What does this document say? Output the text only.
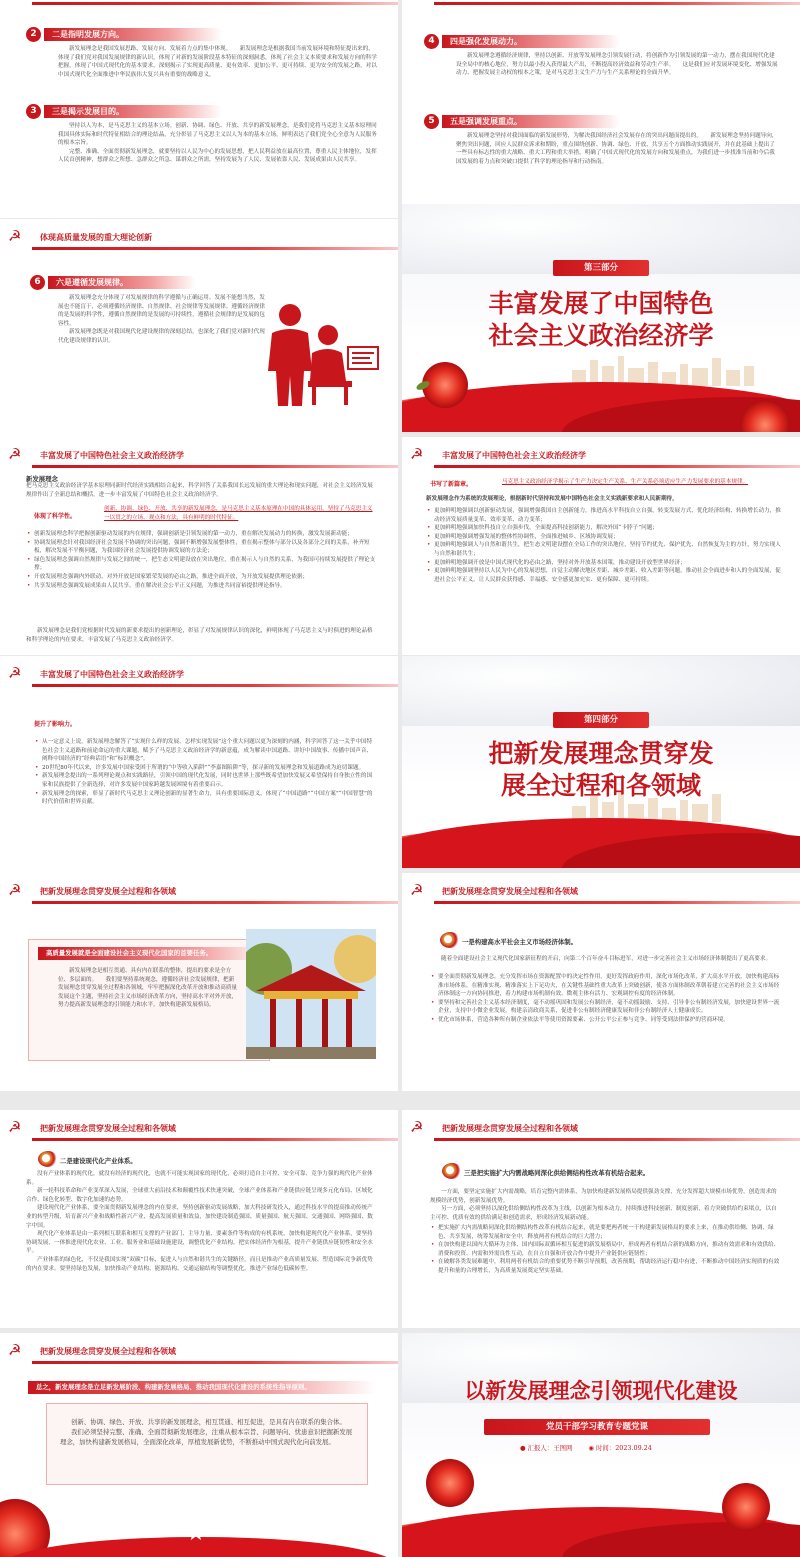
2	二是指明发展方向。

新发展理念是我国发展思路、发展方向、发展着力点的集中体现。　　新发展理念是根据我国当前发展环境和特征提出来的，体现了我们党对我国发展规律的新认识，体现了对新的发展阶段基本特征的深刻洞悉，体现了社会主义本质要求和发展方向的科学把握。体现了中国式现代化的基本要求，深刻揭示了实现更高质量、更有效率、更加公平、更可持续、更为安全的发展之路，对以中国式现代化全面推进中华民族伟大复兴具有重要的战略意义。

3	三是揭示发展目的。

坚持以人为本，是马克思主义的基本立场。创新、协调、绿色、开放、共享的新发展理念，是我们党将马克思主义基本原理同我国具体实际和时代特征相结合的理论结晶，充分彰显了马克思主义以人为本的基本立场，鲜明表达了我们党全心全意为人民服务的根本宗旨。

完整、准确、全面贯彻新发展理念，就要坚持以人民为中心的发展思想，把人民利益放在最高位置，尊重人民主体地位，发挥人民首创精神，想群众之所想、急群众之所急、谋群众之所需，坚持发展为了人民、发展依靠人民、发展成果由人民共享。

4	四是强化发展动力。

新发展理念遵循经济规律，坚持以创新、开放等发展理念引领发展行动，将创新作为引领发展的第一动力，摆在我国现代化建设全局中的核心地位，努力以最小投入获得最大产出，不断提高经济效益和劳动生产率。　　这是我们应对发展环境变化、增强发展动力、把握发展主动权的根本之策，是对马克思主义生产力与生产关系理论的全面升华。

5	五是强调发展重点。

新发展理念坚持对我国面临的新发展形势，为解决我国经济社会发展存在的突出问题而提出的。　　新发展理念坚持问题导向，聚焦突出问题，回应人民群众诉求和期盼，重点围绕创新、协调、绿色、开放、共享五个方面推动实践展开，并在此基础上提出了一些具有标志性的重大战略、重大工程和重大举措，明确了中国式现代化的发展方向和发展重点，为我们进一步找准当前和今后我国发展的着力点和突破口提供了科学的理论指导和行动指南。

☭	体现高质量发展的重大理论创新
6	六是遵循发展规律。

新发展理念充分体现了对发展规律的科学遵循与正确运用。发展不能想当然，发展也不能盲干，必须遵循经济规律、自然规律、社会规律等发展规律。遵循经济规律的是发展的科学性，遵循自然规律的是发展的可持续性，遵循社会规律的是发展的包容性。

新发展理念既是对我国现代化建设规律的深刻总结，也深化了我们党对新时代现代化建设规律的认识。

第三部分
丰富发展了中国特色
社会主义政治经济学
☭	丰富发展了中国特色社会主义政治经济学
新发展理念

把马克思主义政治经济学基本原理同新时代经济实践相结合起来，科学回答了关系我国长远发展的重大理论和现实问题，对社会主义经济发展规律作出了全新总结和概括，进一步丰富发展了中国特色社会主义政治经济学。

体现了科学性。

创新、协调、绿色、开放、共享的新发展理念，是马克思主义基本原理在中国的具体运用，坚持了马克思主义一以贯之的立场、观点和方法，具有鲜明的时代特征。

• 创新发展理念科学把握创新驱动发展的内在规律，强调创新是引领发展的第一动力，重在解决发展动力的转换，激发发展新动能；
• 协调发展理念针对我国经济社会发展不协调的突出问题，强调不断增强发展整体性，重在揭示整体与部分以及各部分之间的关系，补齐短板，解决发展不平衡问题，为我国经济社会发展提供协调发展的方法论；
• 绿色发展理念强调自然规律与发展之间的统一，把生态文明建设放在突出地位，重在揭示人与自然的关系，为我国可持续发展提供了理论支撑；
• 开放发展理念强调内外联动，对外开放是国家繁荣发展的必由之路，推进全面开放，为开放发展提供理论依据；
• 共享发展理念强调发展成果由人民共享，重在解决社会公平正义问题，为推进共同富裕提供理论指导。

新发展理念是我们党根据时代发展的新要求提出的创新理论，彰显了对发展规律认识的深化，鲜明体现了马克思主义与时俱进的理论品格和科学理论的内在要求，丰富发展了马克思主义政治经济学。

☭	丰富发展了中国特色社会主义政治经济学
书写了新篇章。	马克思主义政治经济学揭示了生产力决定生产关系、生产关系必须适应生产力发展要求的基本规律。

新发展理念作为系统的发展理论，根据新时代坚持和发展中国特色社会主义实践新要求和人民新期待，

• 更加鲜明地强调以创新驱动发展，强调增强我国自主创新能力，推进高水平科技自立自强，转变发展方式、优化经济结构、转换增长动力，推动经济发展质量变革、效率变革、动力变革；
• 更加鲜明地强调加快科技自立自强步伐，全面提高科技创新能力，解决外国“卡脖子”问题；
• 更加鲜明地强调增强发展的整体性协调性，全面推进城乡、区域协调发展；
• 更加鲜明地强调人与自然和谐共生，把生态文明建设摆在全局工作的突出地位，坚持节约优先、保护优先、自然恢复为主的方针，努力实现人与自然和谐共生；
• 更加鲜明地强调开放是中国式现代化的必由之路，坚持对外开放基本国策，推动建设开放型世界经济；
• 更加鲜明地强调坚持以人民为中心的发展思想，自觉主动解决地区差距、城乡差距、收入差距等问题，推动社会全面进步和人的全面发展，促进社会公平正义，让人民群众获得感、幸福感、安全感更加充实、更有保障、更可持续。
☭	丰富发展了中国特色社会主义政治经济学
提升了影响力。
• 从一定意义上说，新发展理念解答了“实现什么样的发展、怎样实现发展”这个重大问题以更为深刻的内涵，科学回答了这一关乎中国特色社会主义道路和前途命运的重大课题，赋予了马克思主义政治经济学的新意蕴，成为解读中国道路、讲好中国故事、传播中国声音、阐释中国经济的“经典话语”和“标识概念”。
• 20世纪80年代以来，许多发展中国家受困于所谓的“中等收入陷阱”“李嘉图陷阱”等，探寻新的发展理念和发展道路成为迫切课题。
• 新发展理念提出的一系列理论观点和实践路径，引领中国的现代化发展，同时也世界上那些既希望加快发展又希望保持自身独立性的国家和民族提供了全新选择，对许多发展中国家跨越发展困境有着重要启示。
• 新发展理念的探索，彰显了新时代马克思主义理论创新的显著生命力，具有重要国际意义，体现了“中国道路”“中国方案”“中国智慧”的时代价值和世界贡献。
第四部分
把新发展理念贯穿发
展全过程和各领域
☭	把新发展理念贯穿发展全过程和各领域
高质量发展就是全面建设社会主义现代化国家的首要任务。

新发展理念是相互贯通、具有内在联系的整体，提出的要求是全方位、多层面的。　　我们要坚持系统观念，遵循经济社会发展规律，把新发展理念贯穿发展全过程和各领域，牢牢把握深化改革开放和推动高质量发展这个主题，坚持社会主义市场经济改革方向，坚持高水平对外开放，努力提高新发展理念的引领能力和水平，加快构建新发展格局。

☭	把新发展理念贯穿发展全过程和各领域
一是构建高水平社会主义市场经济体制。

随着全面建设社会主义现代化国家新征程的开启，向第二个百年奋斗目标进军，对进一步完善社会主义市场经济体制提出了更高要求。

• 要全面贯彻新发展理念，充分发挥市场在资源配置中的决定性作用，更好发挥政府作用，深化市场化改革，扩大高水平开放，加快构建高标准市场体系，在精准实现、精准落实上下足功夫，在关键性基础性重大改革上突破创新，使各方面体制改革朝着建立完善的社会主义市场经济体制这一方向协同推进，着力构建市场机制有效、微观主体有活力、宏观调控有度的经济体制。
• 要坚持和完善社会主义基本经济制度，毫不动摇巩固和发展公有制经济，毫不动摇鼓励、支持、引导非公有制经济发展，加快建设世界一流企业，支持中小微企业发展，构建亲清政商关系，促进非公有制经济健康发展和非公有制经济人士健康成长。
• 优化市场体系，营造各种所有制企业依法平等使用资源要素、公开公平公正参与竞争、同等受到法律保护的营商环境。
☭	把新发展理念贯穿发展全过程和各领域
二是建设现代化产业体系。

没有产业体系的现代化，就没有经济的现代化，也就不可能实现国家的现代化，必须打造自主可控、安全可靠、竞争力强的现代化产业体系。

新一轮科技革命和产业变革深入发展，全球重大前沿技术和颠覆性技术快速突破，全球产业体系和产业链供应链呈现多元化布局、区域化合作、绿色化转型、数字化加速的态势。

建设现代化产业体系，要全面贯彻新发展理念的内在要求，坚持创新驱动发展战略，加大科技研发投入，通过科技水平的提高推动传统产业的转型升级，培育新兴产业和战略性新兴产业，提高发展质量和效益，加快建设制造强国、质量强国、航天强国、交通强国、网络强国、数字中国。

现代化产业体系是由一系列相互联系和相互支撑的产业部门、主导力量、要素条件等构成的有机系统。加快构建现代化产业体系，要坚持协调发展，一体推进现代化农业、工业、服务业和基础设施建设，调整优化产业结构，把实体经济作为根基，提升产业链供应链韧性和安全水平。

产业体系的绿色化，不仅是我国实现“双碳”目标，促进人与自然和谐共生的关键路径，而且是推动产业高质量发展、塑造国际竞争新优势的内在要求。要坚持绿色发展，加快推动产业结构、能源结构、交通运输结构等调整优化，推进产业绿色低碳转型。

☭	把新发展理念贯穿发展全过程和各领域
三是把实施扩大内需战略同深化供给侧结构性改革有机结合起来。

一方面，要坚定实施扩大内需战略，培育完整内需体系，为加快构建新发展格局提供强劲支撑，充分发挥超大规模市场优势，创造需求的规模经济优势，创新发展优势。

另一方面，必须坚持以深化供给侧结构性改革为主线，以创新为根本动力，持续推进科技创新、制度创新，着力突破供给约束堵点，以自主可控、优质有效的供给满足和创造需求，形成经济发展新动能。

• 把实施扩大内需战略同深化供给侧结构性改革有机结合起来，就是要把两者统一于构建新发展格局的要求上来，在推动供给侧、协调、绿色、共享发展，统筹发展和安全中，释放两者有机结合的巨大潜力；
• 在加快构建以国内大循环为主体、国内国际双循环相互促进的新发展格局中，形成两者有机结合新的战略方向，推动有效需求和有效供给、消费和投资、内需和外需良性互动，在自立自强和开放合作中提升产业链供应链韧性；
• 在破解各类发展难题中，利用两者有机结合的重要优势不断引导预期，改善预期，帮助经济运行稳中有进，不断推动中国经济实现质的有效提升和量的合理增长，为高质量发展奠定坚实基础。
☭	把新发展理念贯穿发展全过程和各领域
总之，新发展理念是立足新发展阶段、构建新发展格局、推动我国现代化建设的系统性指导原则。

创新、协调、绿色、开放、共享的新发展理念，相互贯通、相互促进，是具有内在联系的集合体。

我们必须坚持完整、准确、全面贯彻新发展理念，注重从根本宗旨、问题导向、忧患意识把握新发展理念，加快构建新发展格局，全面深化改革，厚植发展新优势，不断推动中国式现代化向前发展。

★
以新发展理念引领现代化建设
党员干部学习教育专题党课
● 汇报人：王图网	◉ 时间：2023.09.24
